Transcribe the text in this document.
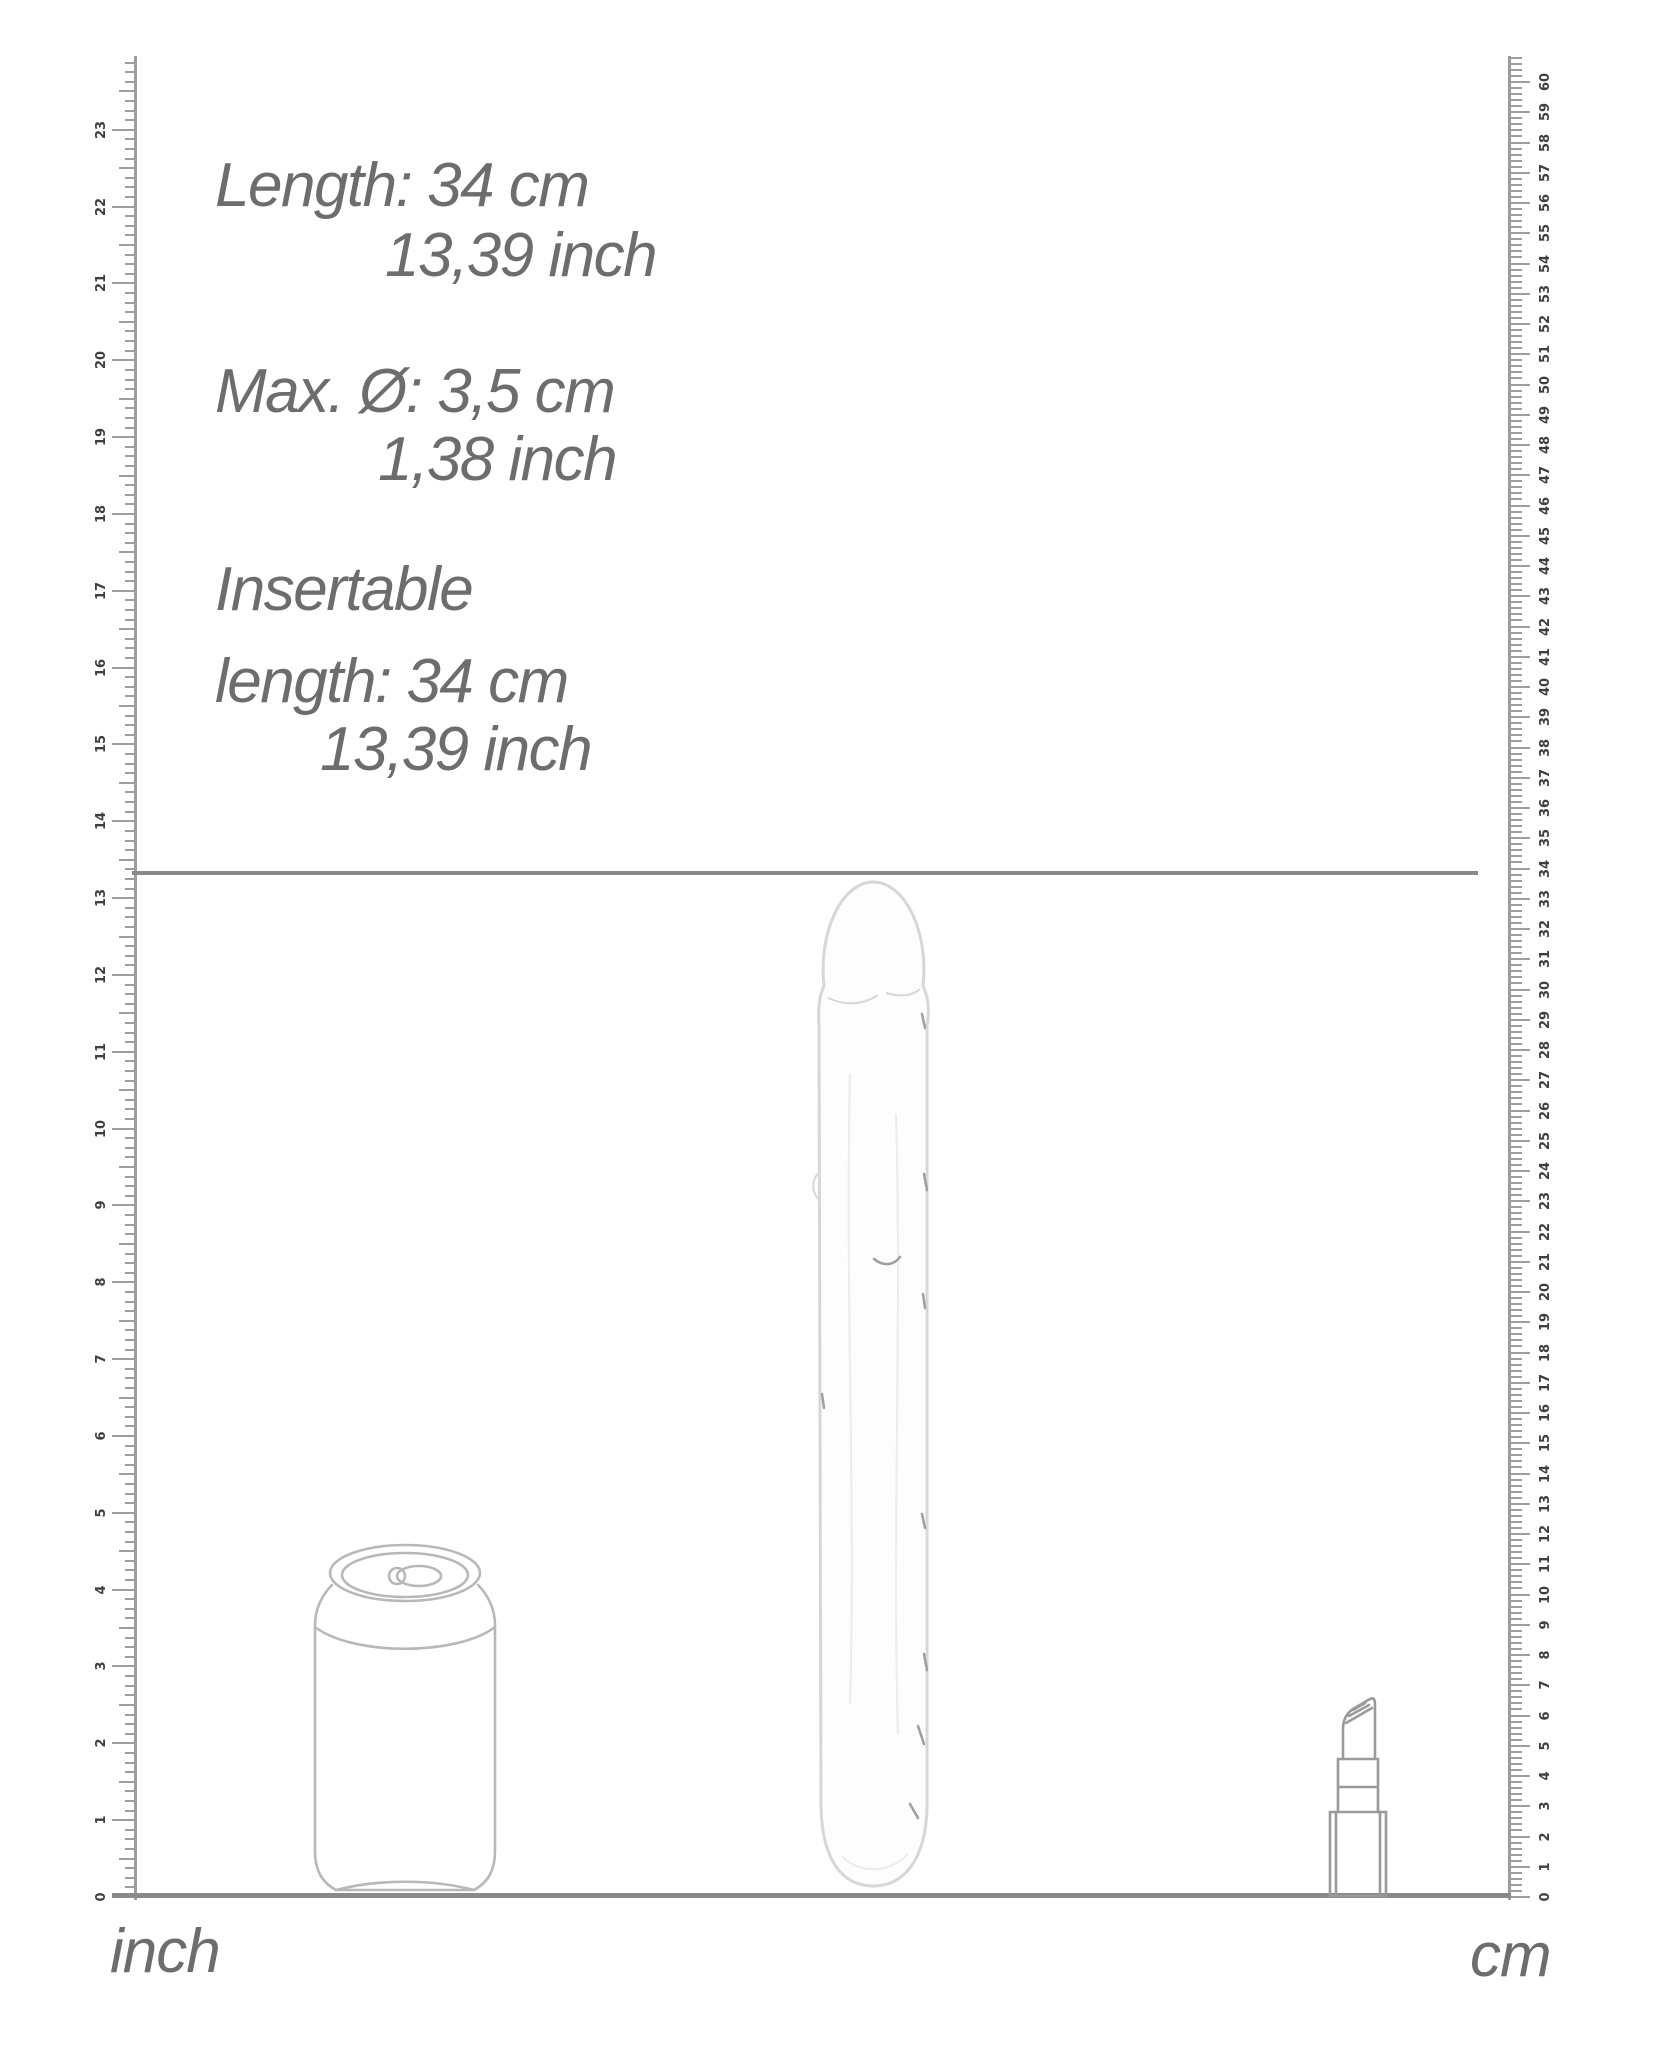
0
1
2
3
4
5
6
7
8
9
10
11
12
13
14
15
16
17
18
19
20
21
22
23
0
1
2
3
4
5
6
7
8
9
10
11
12
13
14
15
16
17
18
19
20
21
22
23
24
25
26
27
28
29
30
31
32
33
34
35
36
37
38
39
40
41
42
43
44
45
46
47
48
49
50
51
52
53
54
55
56
57
58
59
60
Length: 34 cm
13,39 inch
Max. Ø: 3,5 cm
1,38 inch
Insertable
length: 34 cm
13,39 inch
inch	cm
